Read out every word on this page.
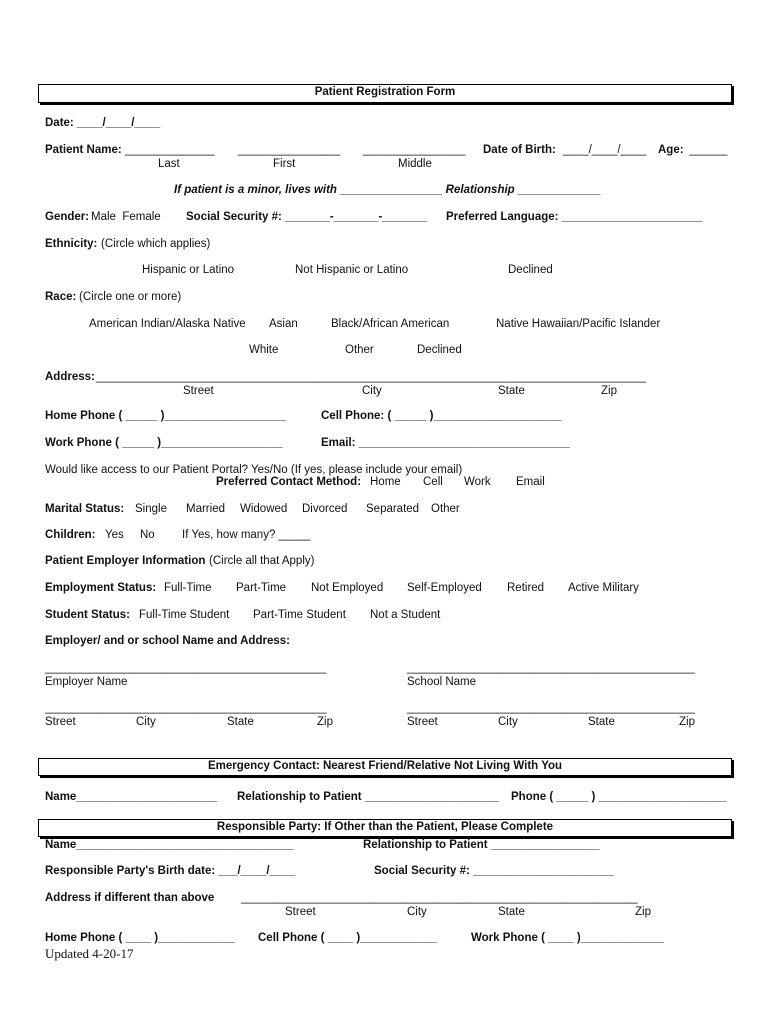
Patient Registration Form
Date: ____/____/____
Patient Name: ______________ ________________ ________________ Date of Birth: ____/____/____ Age: ______
Last	First	Middle
If patient is a minor, lives with ________________ Relationship _____________
Gender: Male  Female Social Security #: _______-_______-_______ Preferred Language: ______________________
Ethnicity: (Circle which applies)
Hispanic or Latino	Not Hispanic or Latino	Declined
Race: (Circle one or more)
American Indian/Alaska Native Asian	Black/African American	Native Hawaiian/Pacific Islander
White	Other	Declined
Address: ______________________________________________________________________________________
Street	City	State	Zip
Home Phone ( _____ )___________________	Cell Phone: ( _____ )____________________
Work Phone ( _____ )___________________	Email: _________________________________
Would like access to our Patient Portal? Yes/No (If yes, please include your email)
Preferred Contact Method: Home Cell Work Email
Marital Status: Single Married Widowed Divorced Separated Other
Children: Yes No If Yes, how many? _____
Patient Employer Information (Circle all that Apply)
Employment Status: Full-Time Part-Time Not Employed Self-Employed Retired Active Military
Student Status: Full-Time Student Part-Time Student Not a Student
Employer/ and or school Name and Address:
____________________________________________	_____________________________________________
Employer Name	School Name
____________________________________________	_____________________________________________
Street	City	State	Zip	Street	City	State	Zip
Emergency Contact: Nearest Friend/Relative Not Living With You
Name______________________ Relationship to Patient _____________________ Phone ( _____ ) ____________________
Responsible Party: If Other than the Patient, Please Complete
Name__________________________________	Relationship to Patient _________________
Responsible Party's Birth date: ___/____/____	Social Security #: ______________________
Address if different than above ______________________________________________________________
Street	City	State	Zip
Home Phone ( ____ )____________ Cell Phone ( ____ )____________	Work Phone ( ____ )_____________
Updated 4-20-17
